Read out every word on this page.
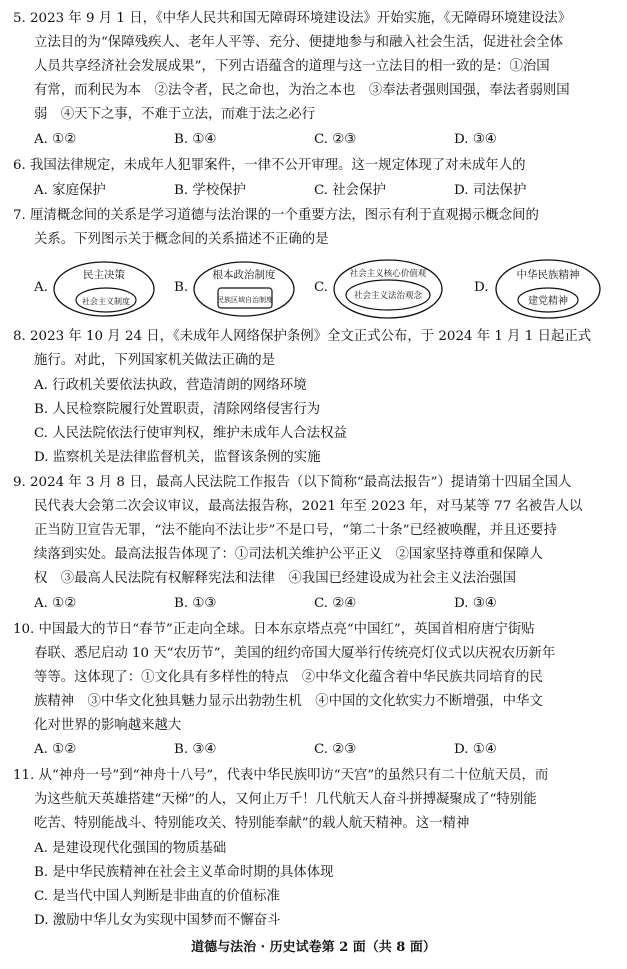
5. 2023 年 9 月 1 日，《中华人民共和国无障碍环境建设法》开始实施，《无障碍环境建设法》
立法目的为“保障残疾人、老年人平等、充分、便捷地参与和融入社会生活，促进社会全体
人员共享经济社会发展成果”，下列古语蕴含的道理与这一立法目的相一致的是：①治国
有常，而利民为本　②法令者，民之命也，为治之本也　③奉法者强则国强，奉法者弱则国
弱　④天下之事，不难于立法，而难于法之必行
A. ①②	B. ①④	C. ②③	D. ③④
6. 我国法律规定，未成年人犯罪案件，一律不公开审理。这一规定体现了对未成年人的
A. 家庭保护	B. 学校保护	C. 社会保护	D. 司法保护
7. 厘清概念间的关系是学习道德与法治课的一个重要方法，图示有利于直观揭示概念间的
关系。下列图示关于概念间的关系描述不正确的是
A.
民主决策
社会主义制度
B.
根本政治制度
民族区域自治制度
C.
社会主义核心价值观
社会主义法治观念
D.
中华民族精神
建党精神
8. 2023 年 10 月 24 日，《未成年人网络保护条例》全文正式公布，于 2024 年 1 月 1 日起正式
施行。对此，下列国家机关做法正确的是
A. 行政机关要依法执政，营造清朗的网络环境
B. 人民检察院履行处置职责，清除网络侵害行为
C. 人民法院依法行使审判权，维护未成年人合法权益
D. 监察机关是法律监督机关，监督该条例的实施
9. 2024 年 3 月 8 日，最高人民法院工作报告（以下简称“最高法报告”）提请第十四届全国人
民代表大会第二次会议审议，最高法报告称，2021 年至 2023 年，对马某等 77 名被告人以
正当防卫宣告无罪，“法不能向不法让步”不是口号，“第二十条”已经被唤醒，并且还要持
续落到实处。最高法报告体现了：①司法机关维护公平正义　②国家坚持尊重和保障人
权　③最高人民法院有权解释宪法和法律　④我国已经建设成为社会主义法治强国
A. ①②	B. ①③	C. ②④	D. ③④
10. 中国最大的节日“春节”正走向全球。日本东京塔点亮“中国红”，英国首相府唐宁街贴
春联、悉尼启动 10 天“农历节”，美国的纽约帝国大厦举行传统亮灯仪式以庆祝农历新年
等等。这体现了：①文化具有多样性的特点　②中华文化蕴含着中华民族共同培育的民
族精神　③中华文化独具魅力显示出勃勃生机　④中国的文化软实力不断增强，中华文
化对世界的影响越来越大
A. ①②	B. ③④	C. ②③	D. ①④
11. 从“神舟一号”到“神舟十八号”，代表中华民族叩访“天宫”的虽然只有二十位航天员，而
为这些航天英雄搭建“天梯”的人，又何止万千！几代航天人奋斗拼搏凝聚成了“特别能
吃苦、特别能战斗、特别能攻关、特别能奉献”的载人航天精神。这一精神
A. 是建设现代化强国的物质基础
B. 是中华民族精神在社会主义革命时期的具体体现
C. 是当代中国人判断是非曲直的价值标准
D. 激励中华儿女为实现中国梦而不懈奋斗
道德与法治 · 历史试卷第 2 面（共 8 面）
